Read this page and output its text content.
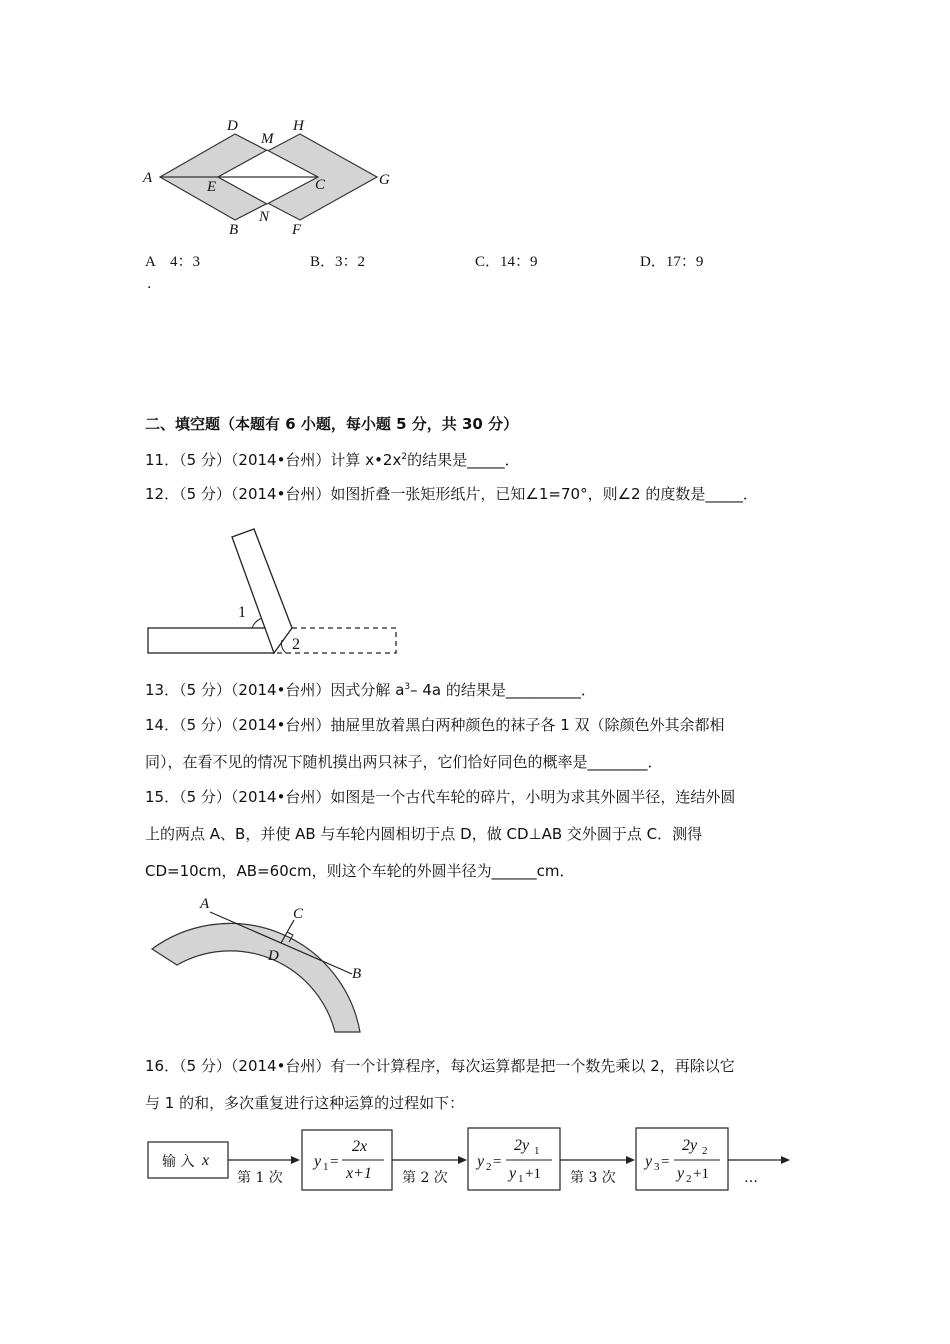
D
M
H
A
E	C	G
B
N
F
A　4：3	B．3：2	C．14：9	D．17：9
.
二、填空题（本题有 6 小题，每小题 5 分，共 30 分）
11．（5 分）（2014•台州）计算 $x•2x^2$的结果是_____．
12．（5 分）（2014•台州）如图折叠一张矩形纸片，已知∠1=70°，则∠2 的度数是_____．
1
2
13．（5 分）（2014•台州）因式分解 $a^3-$ 4a 的结果是__________．
14．（5 分）（2014•台州）抽屉里放着黑白两种颜色的袜子各 1 双（除颜色外其余都相
同），在看不见的情况下随机摸出两只袜子，它们恰好同色的概率是________．
15．（5 分）（2014•台州）如图是一个古代车轮的碎片，小明为求其外圆半径，连结外圆
上的两点 A、B，并使 AB 与车轮内圆相切于点 D，做 CD⊥AB 交外圆于点 C．测得
CD=10cm，AB=60cm，则这个车轮的外圆半径为______cm．
A
C
D
B
16．（5 分）（2014•台州）有一个计算程序，每次运算都是把一个数先乘以 2，再除以它
与 1 的和，多次重复进行这种运算的过程如下：
输 入 x
第 1 次
y 1 =
2x
x+1 第 2 次
y 2 =
2y 1
y 1 +1 第 3 次
y 3 =
2y 2
y 2 +1	…
